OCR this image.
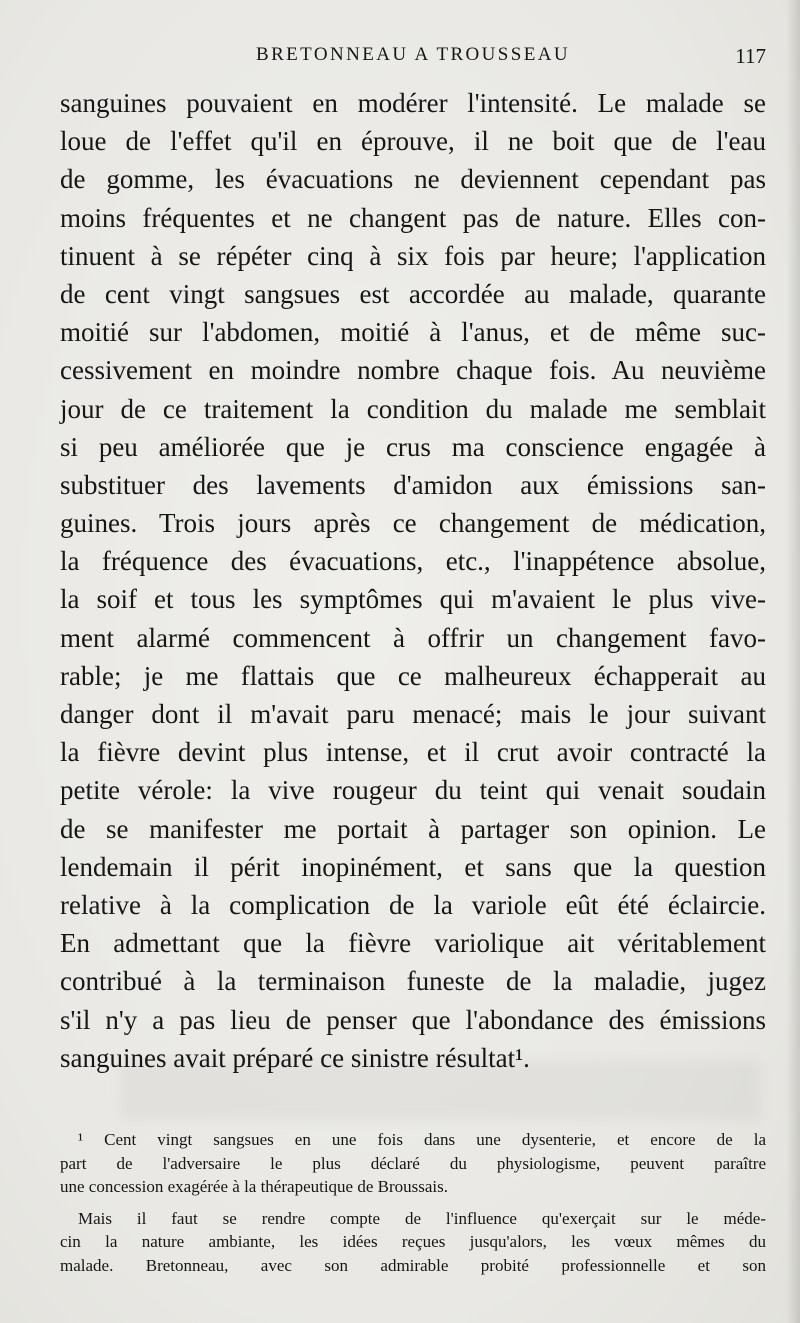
BRETONNEAU A TROUSSEAU	117
sanguines pouvaient en modérer l'intensité. Le malade se
loue de l'effet qu'il en éprouve, il ne boit que de l'eau
de gomme, les évacuations ne deviennent cependant pas
moins fréquentes et ne changent pas de nature. Elles con-
tinuent à se répéter cinq à six fois par heure; l'application
de cent vingt sangsues est accordée au malade, quarante
moitié sur l'abdomen, moitié à l'anus, et de même suc-
cessivement en moindre nombre chaque fois. Au neuvième
jour de ce traitement la condition du malade me semblait
si peu améliorée que je crus ma conscience engagée à
substituer des lavements d'amidon aux émissions san-
guines. Trois jours après ce changement de médication,
la fréquence des évacuations, etc., l'inappétence absolue,
la soif et tous les symptômes qui m'avaient le plus vive-
ment alarmé commencent à offrir un changement favo-
rable; je me flattais que ce malheureux échapperait au
danger dont il m'avait paru menacé; mais le jour suivant
la fièvre devint plus intense, et il crut avoir contracté la
petite vérole: la vive rougeur du teint qui venait soudain
de se manifester me portait à partager son opinion. Le
lendemain il périt inopinément, et sans que la question
relative à la complication de la variole eût été éclaircie.
En admettant que la fièvre variolique ait véritablement
contribué à la terminaison funeste de la maladie, jugez
s'il n'y a pas lieu de penser que l'abondance des émissions
sanguines avait préparé ce sinistre résultat¹.
¹ Cent vingt sangsues en une fois dans une dysenterie, et encore de la
part de l'adversaire le plus déclaré du physiologisme, peuvent paraître
une concession exagérée à la thérapeutique de Broussais.
Mais il faut se rendre compte de l'influence qu'exerçait sur le méde-
cin la nature ambiante, les idées reçues jusqu'alors, les vœux mêmes du
malade. Bretonneau, avec son admirable probité professionnelle et son
